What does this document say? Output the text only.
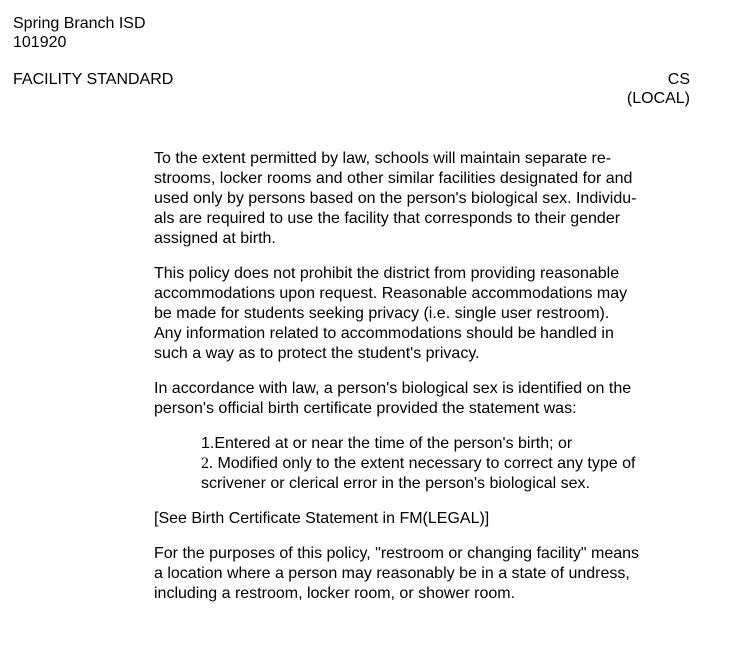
Spring Branch ISD
101920
FACILITY STANDARD	CS
(LOCAL)
To the extent permitted by law, schools will maintain separate re-
strooms, locker rooms and other similar facilities designated for and
used only by persons based on the person's biological sex. Individu-
als are required to use the facility that corresponds to their gender
assigned at birth.
This policy does not prohibit the district from providing reasonable
accommodations upon request. Reasonable accommodations may
be made for students seeking privacy (i.e. single user restroom).
Any information related to accommodations should be handled in
such a way as to protect the student's privacy.
In accordance with law, a person's biological sex is identified on the
person's official birth certificate provided the statement was:
1.Entered at or near the time of the person's birth; or
2. Modified only to the extent necessary to correct any type of
scrivener or clerical error in the person's biological sex.
[See Birth Certificate Statement in FM(LEGAL)]
For the purposes of this policy, "restroom or changing facility" means
a location where a person may reasonably be in a state of undress,
including a restroom, locker room, or shower room.
